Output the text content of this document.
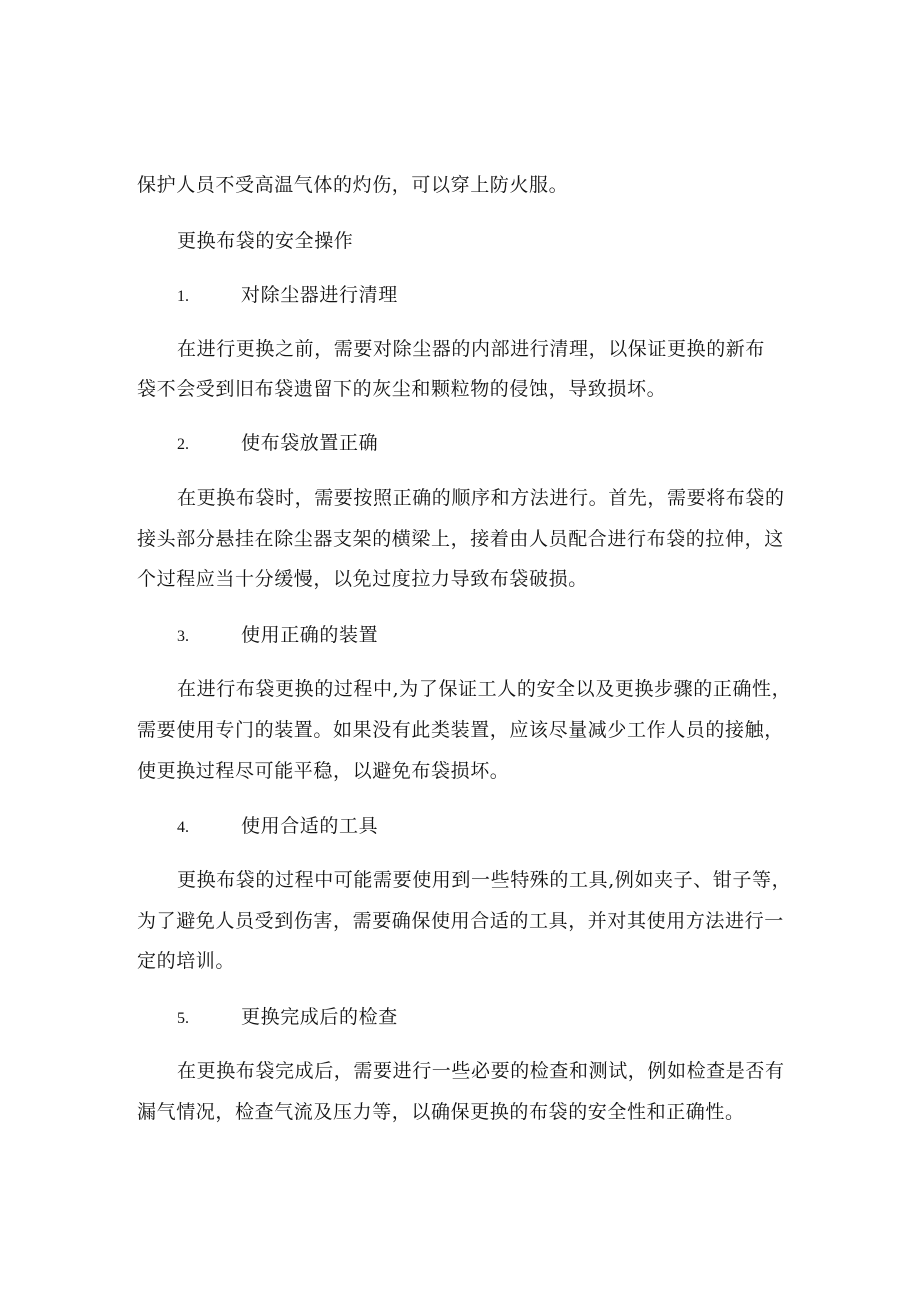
保护人员不受高温气体的灼伤，可以穿上防火服。
更换布袋的安全操作
1.	对除尘器进行清理
在进行更换之前，需要对除尘器的内部进行清理，以保证更换的新布
袋不会受到旧布袋遗留下的灰尘和颗粒物的侵蚀，导致损坏。
2.	使布袋放置正确
在更换布袋时，需要按照正确的顺序和方法进行。首先，需要将布袋的
接头部分悬挂在除尘器支架的横梁上，接着由人员配合进行布袋的拉伸，这
个过程应当十分缓慢，以免过度拉力导致布袋破损。
3.	使用正确的装置
在进行布袋更换的过程中,为了保证工人的安全以及更换步骤的正确性，
需要使用专门的装置。如果没有此类装置，应该尽量减少工作人员的接触，
使更换过程尽可能平稳，以避免布袋损坏。
4.	使用合适的工具
更换布袋的过程中可能需要使用到一些特殊的工具,例如夹子、钳子等，
为了避免人员受到伤害，需要确保使用合适的工具，并对其使用方法进行一
定的培训。
5.	更换完成后的检查
在更换布袋完成后，需要进行一些必要的检查和测试，例如检查是否有
漏气情况，检查气流及压力等，以确保更换的布袋的安全性和正确性。
